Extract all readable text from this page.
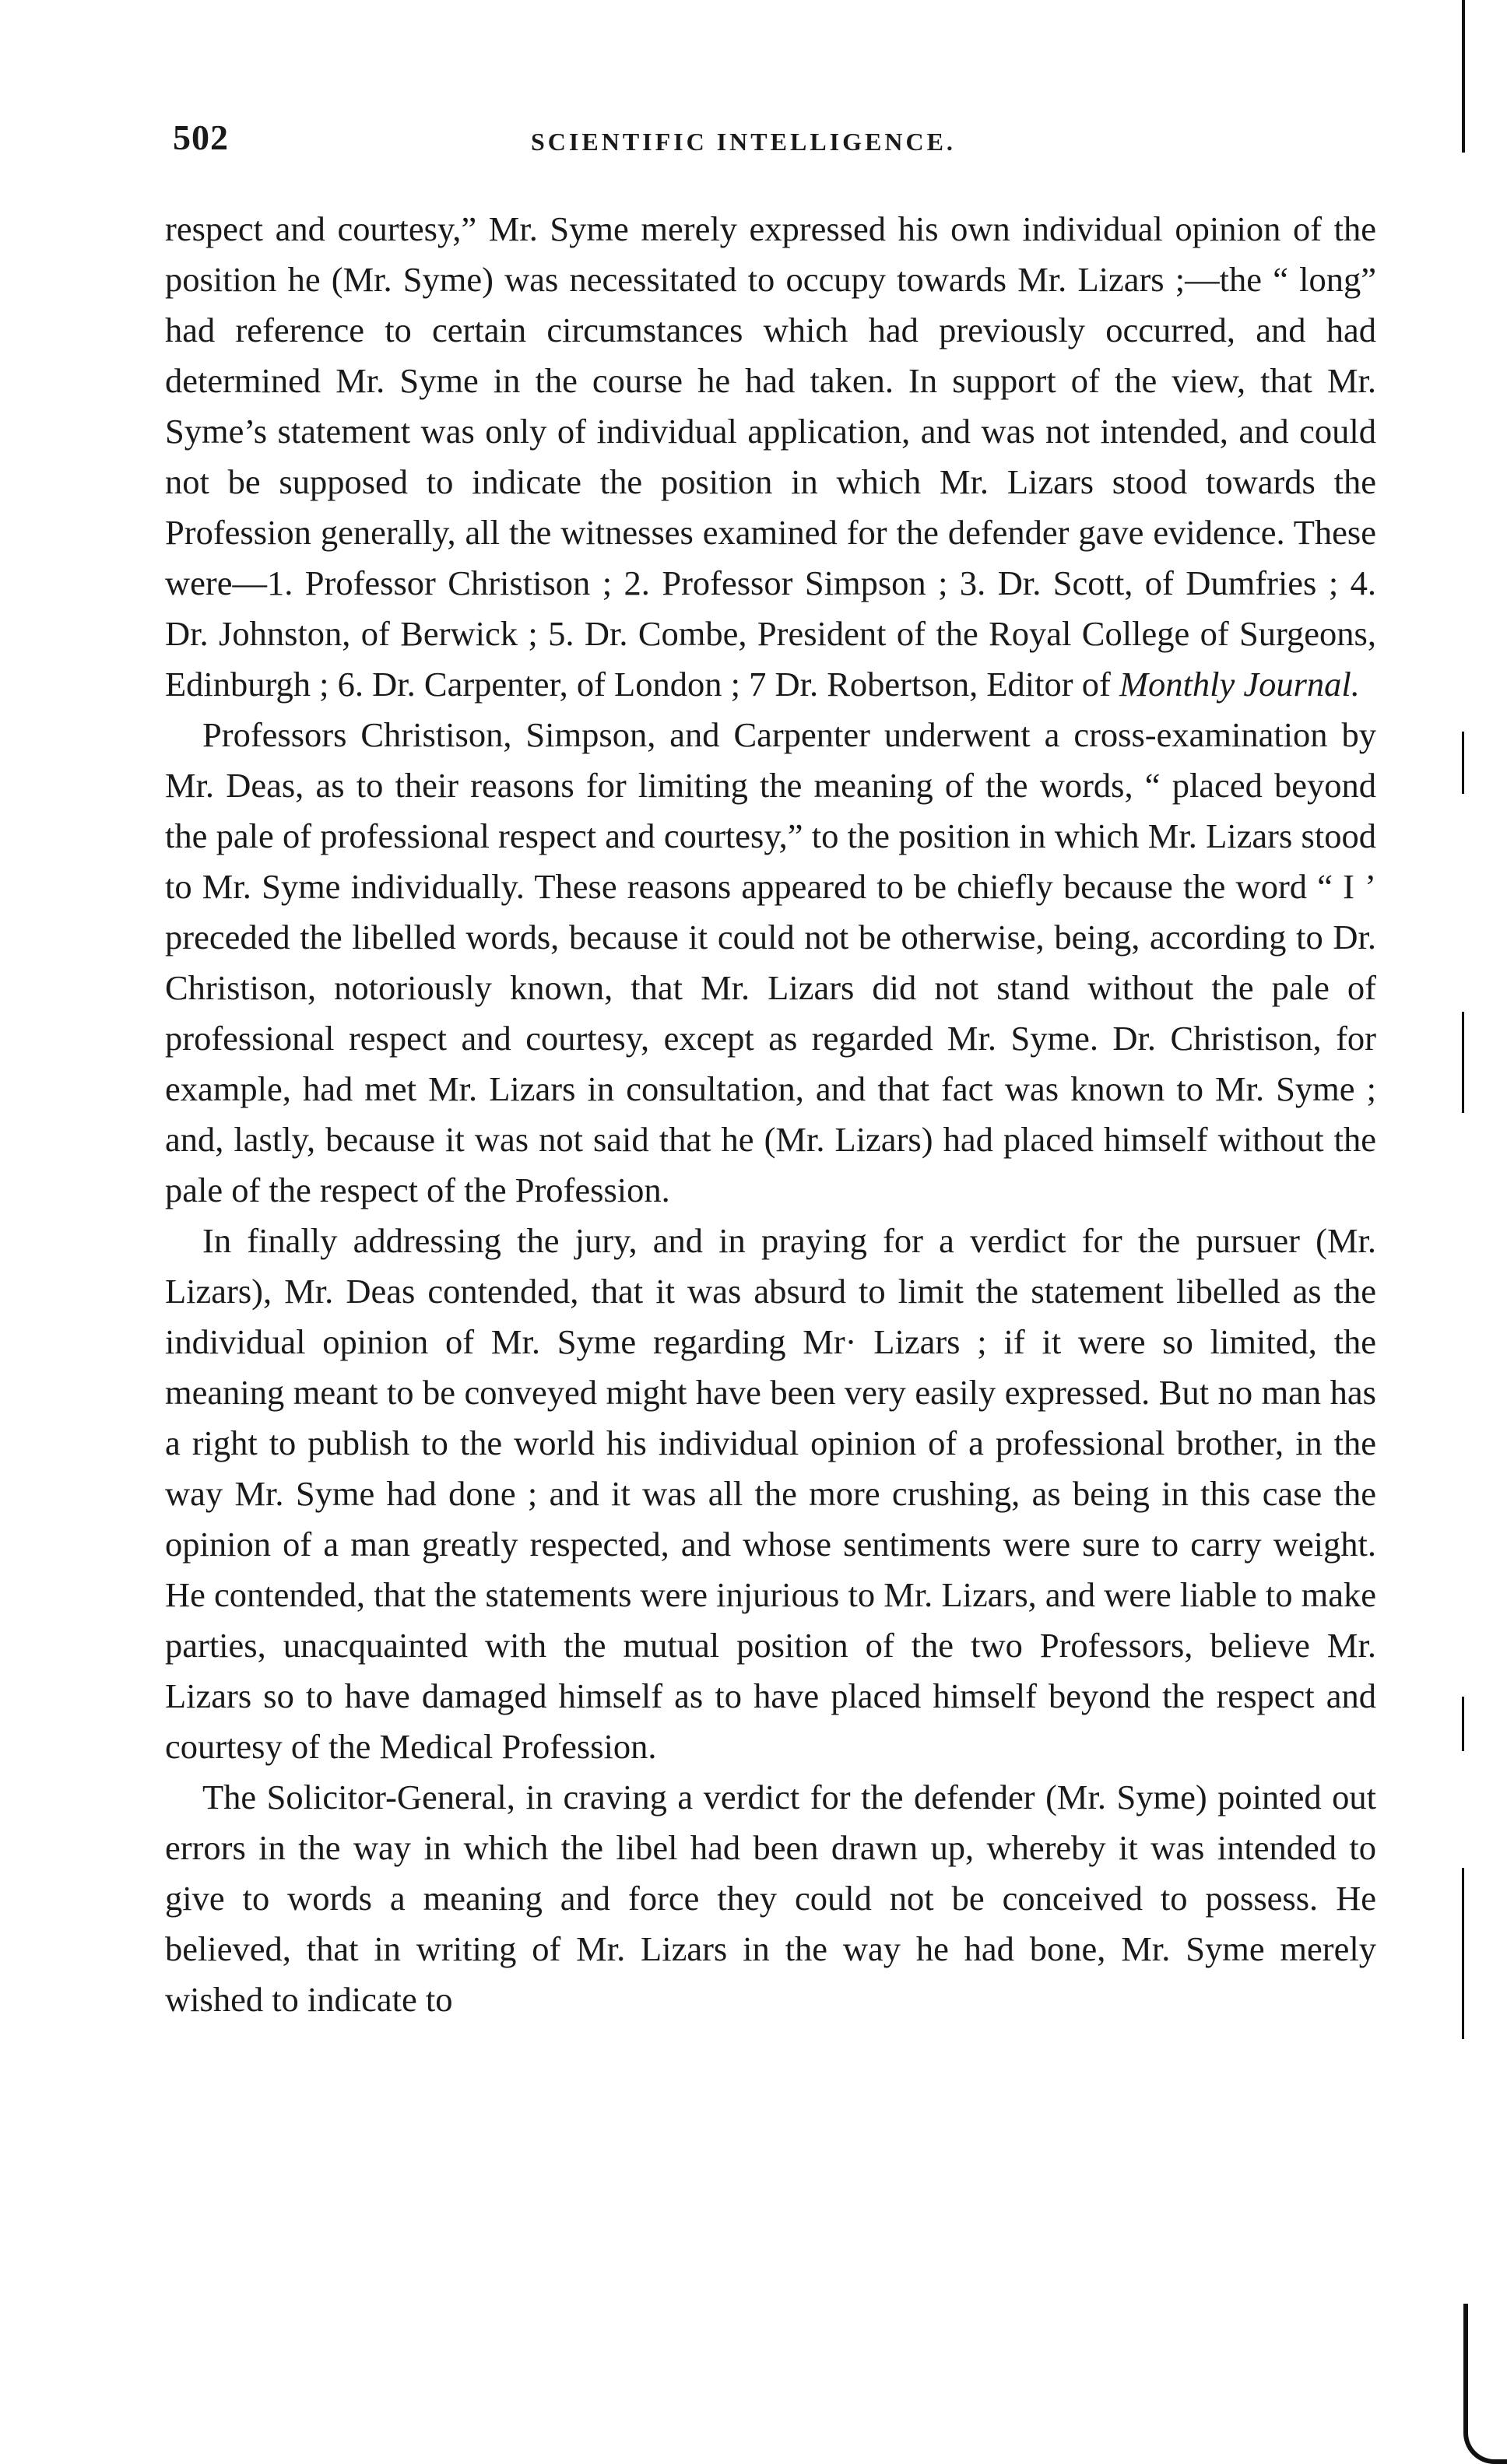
502	SCIENTIFIC INTELLIGENCE.

respect and courtesy,” Mr. Syme merely expressed his own individual opinion of the position he (Mr. Syme) was necessitated to occupy towards Mr. Lizars ;—the “ long” had reference to certain circumstances which had previously occurred, and had determined Mr. Syme in the course he had taken. In support of the view, that Mr. Syme’s statement was only of individual application, and was not intended, and could not be supposed to indicate the position in which Mr. Lizars stood towards the Profession generally, all the witnesses examined for the defender gave evidence. These were—1. Professor Christison ; 2. Professor Simpson ; 3. Dr. Scott, of Dumfries ; 4. Dr. Johnston, of Berwick ; 5. Dr. Combe, President of the Royal College of Surgeons, Edinburgh ; 6. Dr. Carpenter, of London ; 7 Dr. Robertson, Editor of Monthly Journal.

Professors Christison, Simpson, and Carpenter underwent a cross-examination by Mr. Deas, as to their reasons for limiting the meaning of the words, “ placed beyond the pale of professional respect and courtesy,” to the position in which Mr. Lizars stood to Mr. Syme individually. These reasons appeared to be chiefly because the word “ I ’ preceded the libelled words, because it could not be otherwise, being, according to Dr. Christison, notoriously known, that Mr. Lizars did not stand without the pale of professional respect and courtesy, except as regarded Mr. Syme. Dr. Christison, for example, had met Mr. Lizars in consultation, and that fact was known to Mr. Syme ; and, lastly, because it was not said that he (Mr. Lizars) had placed himself without the pale of the respect of the Profession.

In finally addressing the jury, and in praying for a verdict for the pursuer (Mr. Lizars), Mr. Deas contended, that it was absurd to limit the statement libelled as the individual opinion of Mr. Syme regarding Mr· Lizars ; if it were so limited, the meaning meant to be conveyed might have been very easily expressed. But no man has a right to publish to the world his individual opinion of a professional brother, in the way Mr. Syme had done ; and it was all the more crushing, as being in this case the opinion of a man greatly respected, and whose sentiments were sure to carry weight. He contended, that the statements were injurious to Mr. Lizars, and were liable to make parties, unacquainted with the mutual position of the two Professors, believe Mr. Lizars so to have damaged himself as to have placed himself beyond the respect and courtesy of the Medical Profession.

The Solicitor-General, in craving a verdict for the defender (Mr. Syme) pointed out errors in the way in which the libel had been drawn up, whereby it was intended to give to words a meaning and force they could not be conceived to possess. He believed, that in writing of Mr. Lizars in the way he had bone, Mr. Syme merely wished to indicate to
